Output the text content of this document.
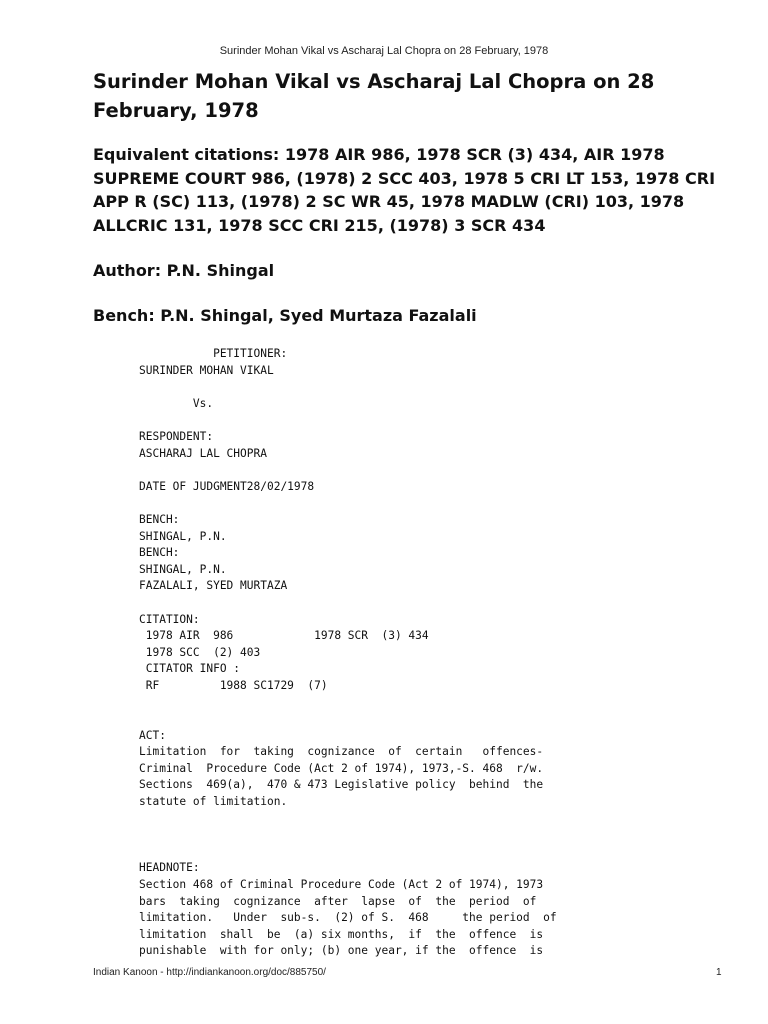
Surinder Mohan Vikal vs Ascharaj Lal Chopra on 28 February, 1978
Surinder Mohan Vikal vs Ascharaj Lal Chopra on 28 February, 1978
Equivalent citations: 1978 AIR 986, 1978 SCR (3) 434, AIR 1978 SUPREME COURT 986, (1978) 2 SCC 403, 1978 5 CRI LT 153, 1978 CRI APP R (SC) 113, (1978) 2 SC WR 45, 1978 MADLW (CRI) 103, 1978 ALLCRIC 131, 1978 SCC CRI 215, (1978) 3 SCR 434
Author: P.N. Shingal
Bench: P.N. Shingal, Syed Murtaza Fazalali
PETITIONER:
SURINDER MOHAN VIKAL

Vs.

RESPONDENT:
ASCHARAJ LAL CHOPRA

DATE OF JUDGMENT28/02/1978

BENCH:
SHINGAL, P.N.
BENCH:
SHINGAL, P.N.
FAZALALI, SYED MURTAZA

CITATION:
1978 AIR  986            1978 SCR  (3) 434
1978 SCC  (2) 403
CITATOR INFO :
RF         1988 SC1729  (7)

ACT:
Limitation  for  taking  cognizance  of  certain   offences-
Criminal  Procedure Code (Act 2 of 1974), 1973,-S. 468  r/w.
Sections  469(a),  470 & 473 Legislative policy  behind  the
statute of limitation.

HEADNOTE:
Section 468 of Criminal Procedure Code (Act 2 of 1974), 1973
bars  taking  cognizance  after  lapse  of  the  period  of
limitation.   Under  sub-s.  (2) of S.  468     the period  of
limitation  shall  be  (a) six months,  if  the  offence  is
punishable  with for only; (b) one year, if the  offence  is
Indian Kanoon - http://indiankanoon.org/doc/885750/	1
